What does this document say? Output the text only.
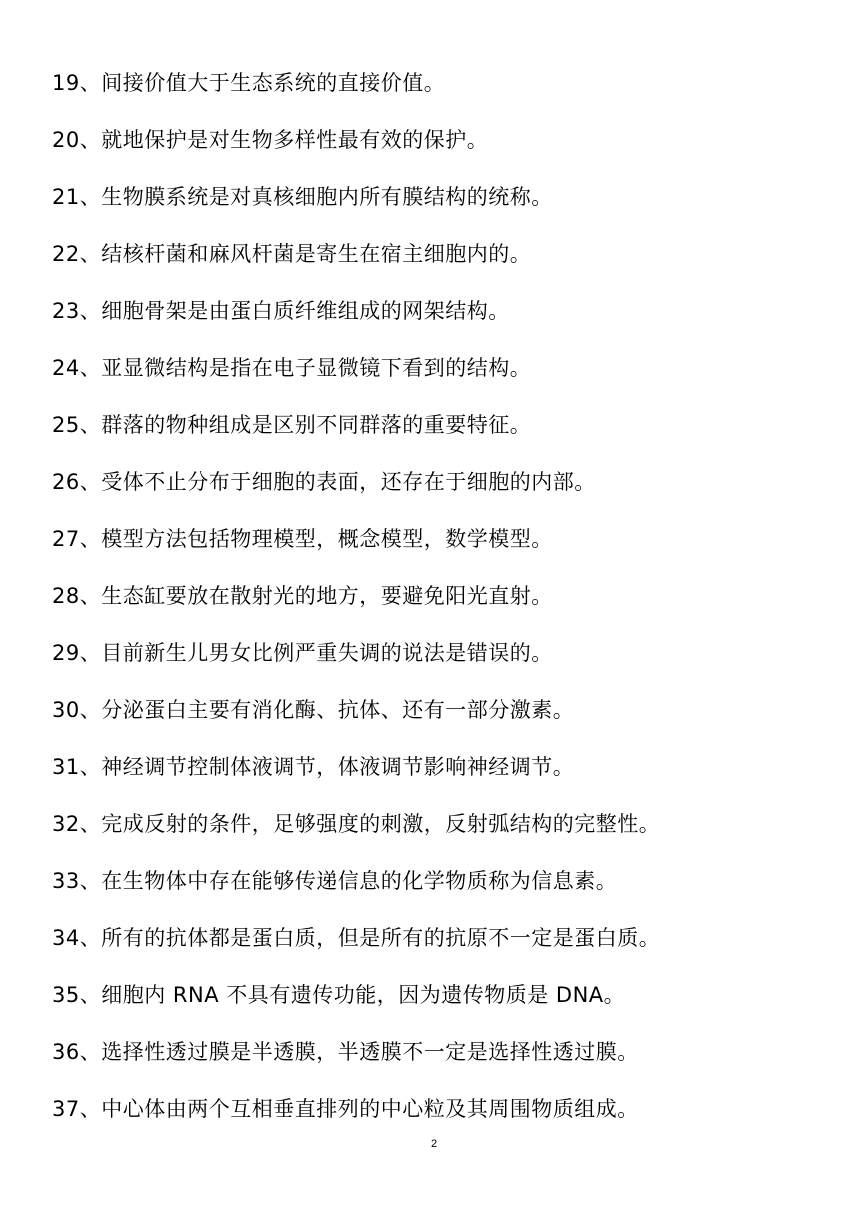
19、间接价值大于生态系统的直接价值。
20、就地保护是对生物多样性最有效的保护。
21、生物膜系统是对真核细胞内所有膜结构的统称。
22、结核杆菌和麻风杆菌是寄生在宿主细胞内的。
23、细胞骨架是由蛋白质纤维组成的网架结构。
24、亚显微结构是指在电子显微镜下看到的结构。
25、群落的物种组成是区别不同群落的重要特征。
26、受体不止分布于细胞的表面，还存在于细胞的内部。
27、模型方法包括物理模型，概念模型，数学模型。
28、生态缸要放在散射光的地方，要避免阳光直射。
29、目前新生儿男女比例严重失调的说法是错误的。
30、分泌蛋白主要有消化酶、抗体、还有一部分激素。
31、神经调节控制体液调节，体液调节影响神经调节。
32、完成反射的条件，足够强度的刺激，反射弧结构的完整性。
33、在生物体中存在能够传递信息的化学物质称为信息素。
34、所有的抗体都是蛋白质，但是所有的抗原不一定是蛋白质。
35、细胞内 RNA 不具有遗传功能，因为遗传物质是 DNA。
36、选择性透过膜是半透膜，半透膜不一定是选择性透过膜。
37、中心体由两个互相垂直排列的中心粒及其周围物质组成。
2
